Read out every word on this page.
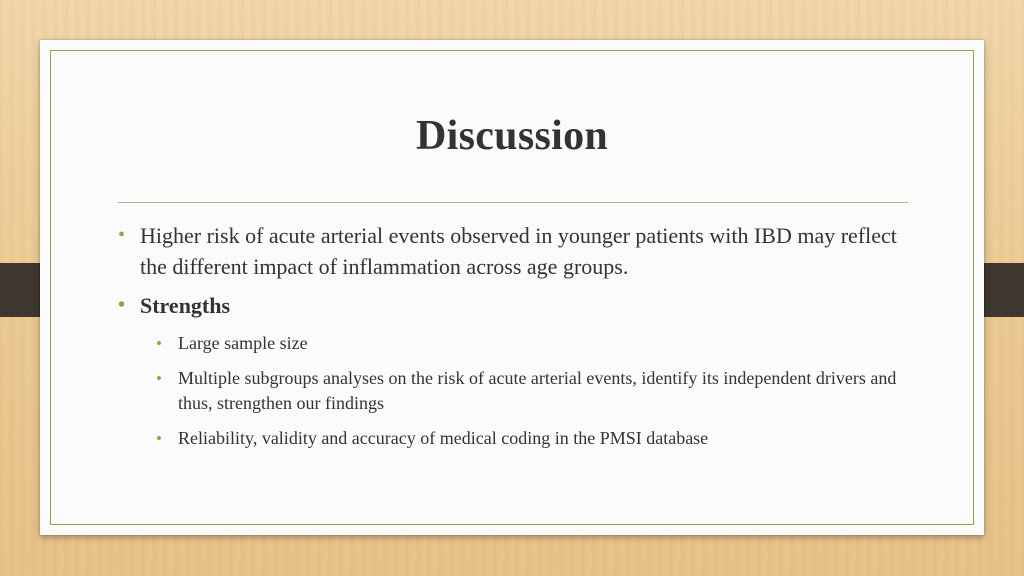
Discussion
• Higher risk of acute arterial events observed in younger patients with IBD may reflect the different impact of inflammation across age groups.
• Strengths
• Large sample size
• Multiple subgroups analyses on the risk of acute arterial events, identify its independent drivers and thus, strengthen our findings
• Reliability, validity and accuracy of medical coding in the PMSI database
